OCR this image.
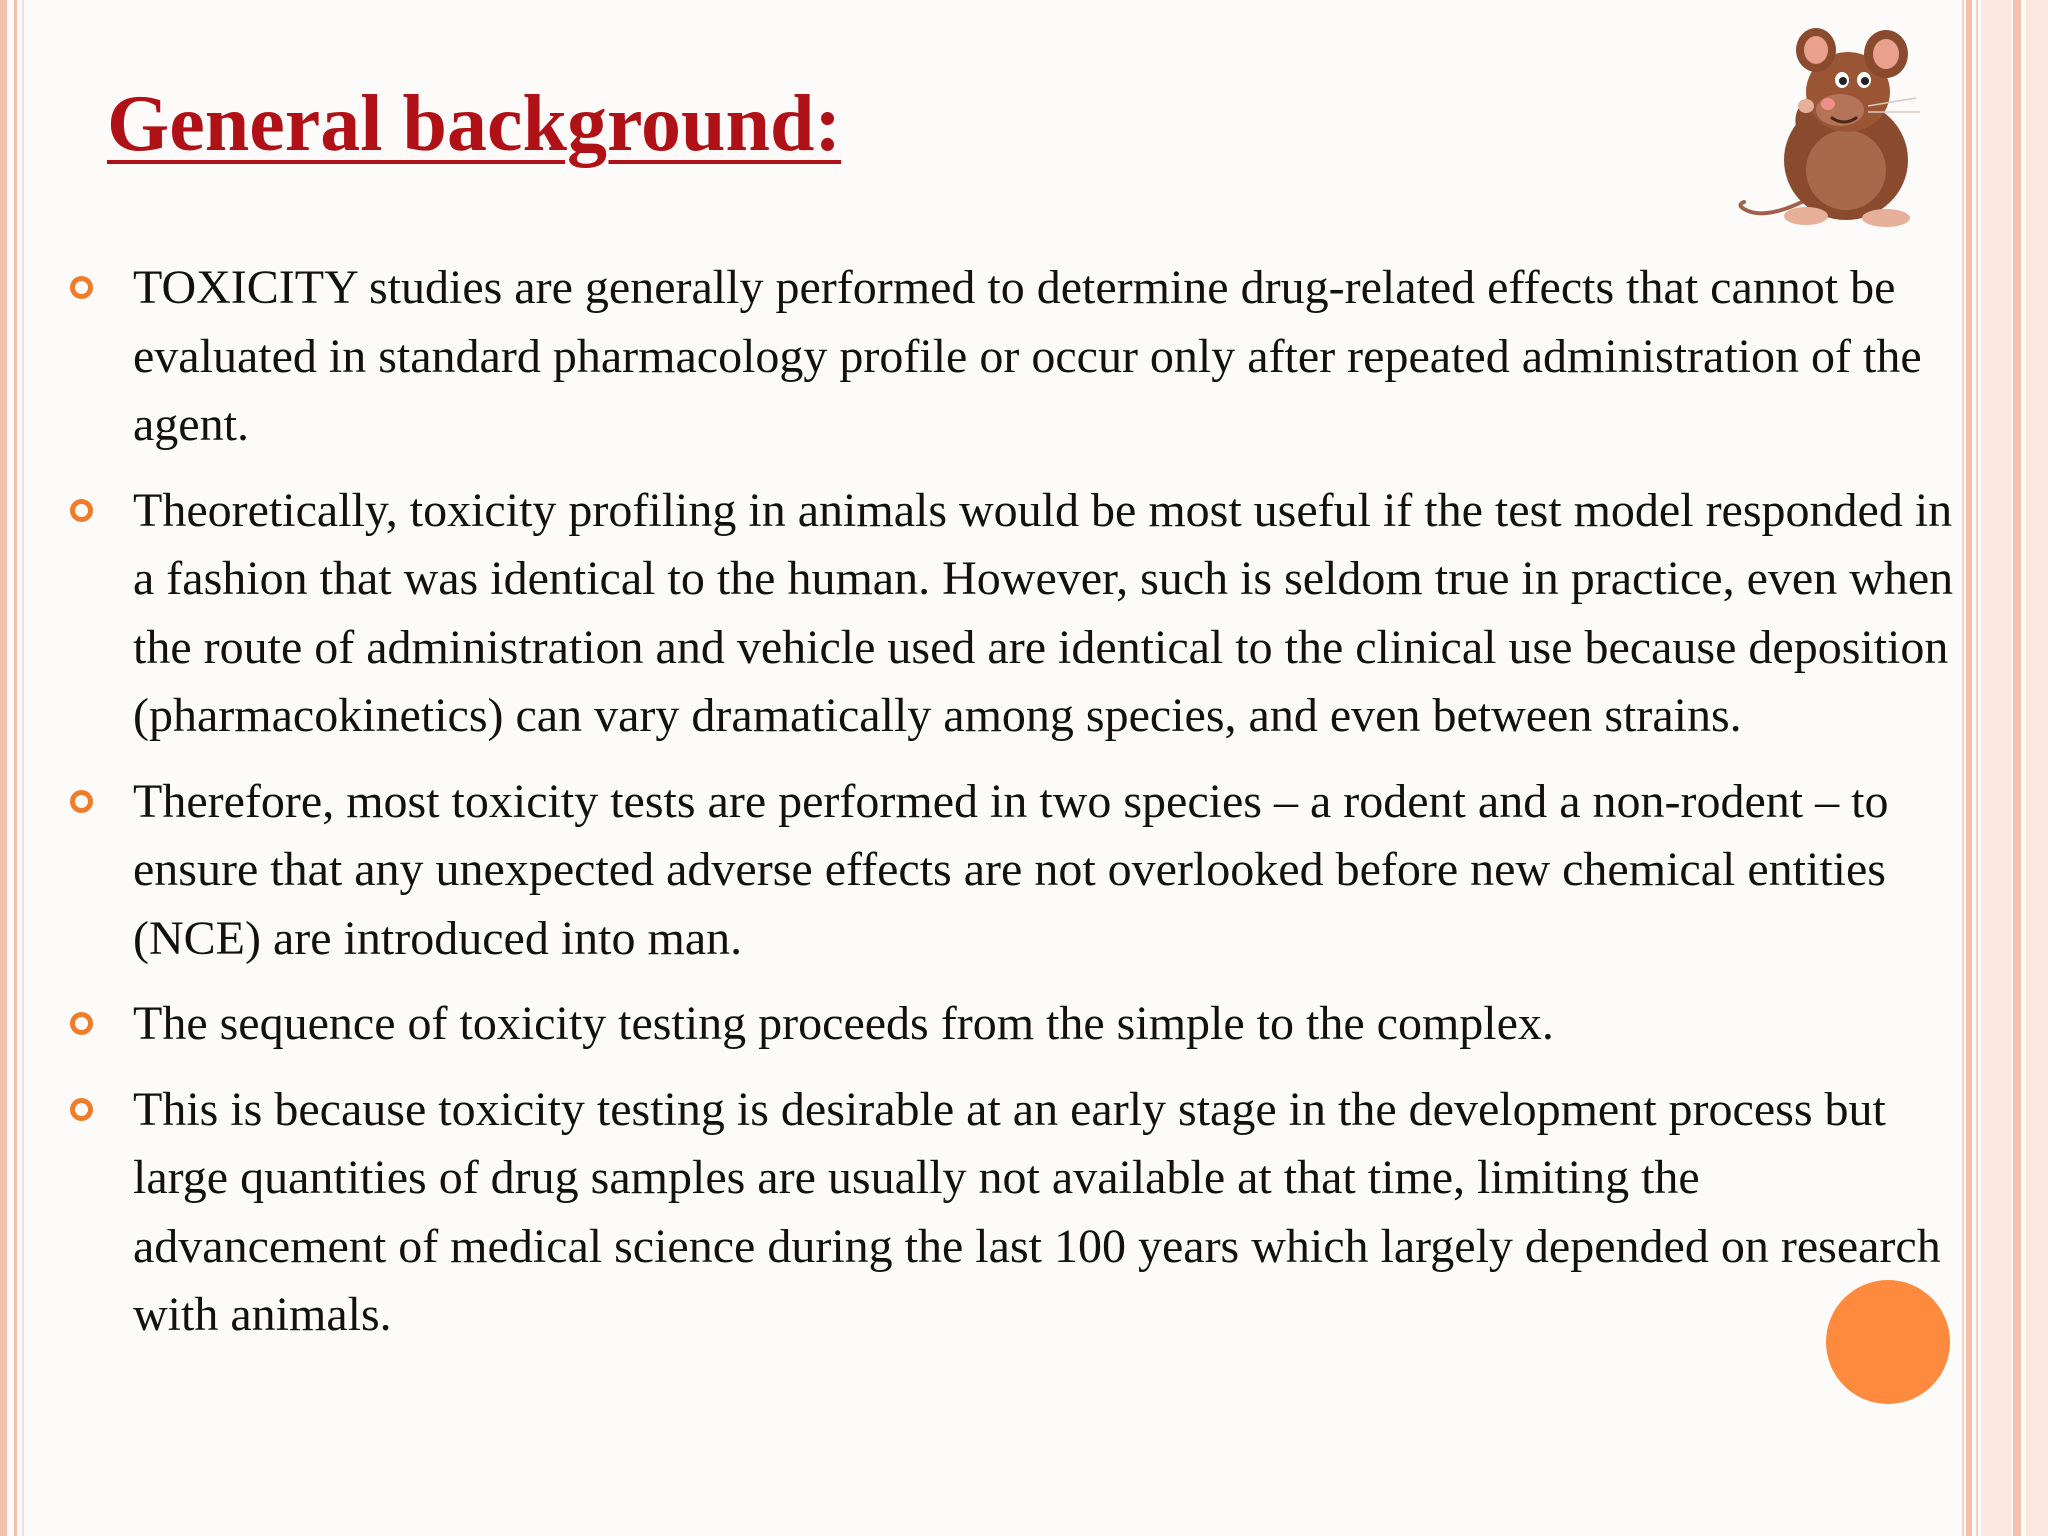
General background:
TOXICITY studies are generally performed to determine drug-related effects that cannot be evaluated in standard pharmacology profile or occur only after repeated administration of the agent.
Theoretically, toxicity profiling in animals would be most useful if the test model responded in a fashion that was identical to the human. However, such is seldom true in practice, even when the route of administration and vehicle used are identical to the clinical use because deposition (pharmacokinetics) can vary dramatically among species, and even between strains.
Therefore, most toxicity tests are performed in two species – a rodent and a non-rodent – to ensure that any unexpected adverse effects are not overlooked before new chemical entities (NCE) are introduced into man.
The sequence of toxicity testing proceeds from the simple to the complex.
This is because toxicity testing is desirable at an early stage in the development process but large quantities of drug samples are usually not available at that time, limiting the advancement of medical science during the last 100 years which largely depended on research with animals.
